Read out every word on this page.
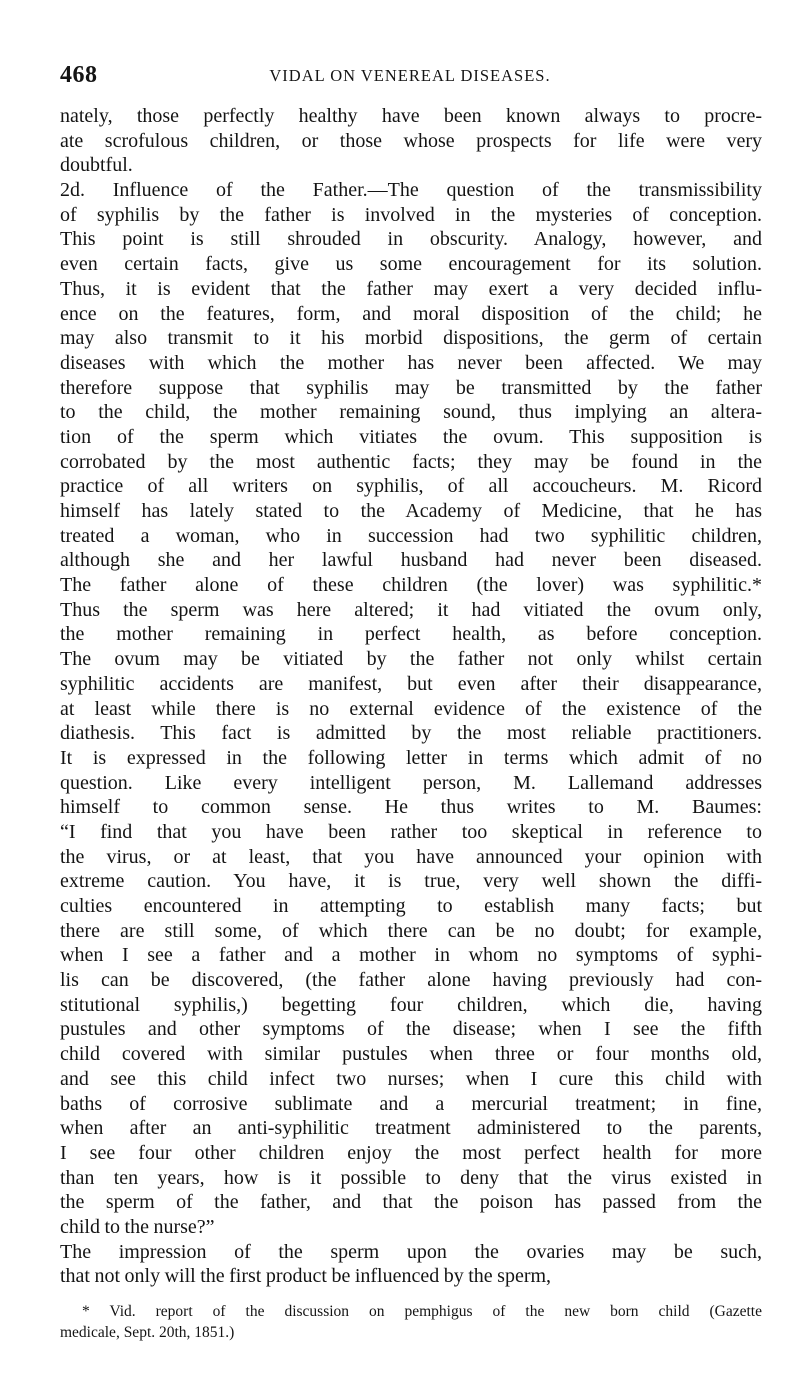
468	VIDAL ON VENEREAL DISEASES.
nately, those perfectly healthy have been known always to procre-
ate scrofulous children, or those whose prospects for life were very
doubtful.
2d. Influence of the Father.—The question of the transmissibility
of syphilis by the father is involved in the mysteries of conception.
This point is still shrouded in obscurity. Analogy, however, and
even certain facts, give us some encouragement for its solution.
Thus, it is evident that the father may exert a very decided influ-
ence on the features, form, and moral disposition of the child; he
may also transmit to it his morbid dispositions, the germ of certain
diseases with which the mother has never been affected. We may
therefore suppose that syphilis may be transmitted by the father
to the child, the mother remaining sound, thus implying an altera-
tion of the sperm which vitiates the ovum. This supposition is
corrobated by the most authentic facts; they may be found in the
practice of all writers on syphilis, of all accoucheurs. M. Ricord
himself has lately stated to the Academy of Medicine, that he has
treated a woman, who in succession had two syphilitic children,
although she and her lawful husband had never been diseased.
The father alone of these children (the lover) was syphilitic.*
Thus the sperm was here altered; it had vitiated the ovum only,
the mother remaining in perfect health, as before conception.
The ovum may be vitiated by the father not only whilst certain
syphilitic accidents are manifest, but even after their disappearance,
at least while there is no external evidence of the existence of the
diathesis. This fact is admitted by the most reliable practitioners.
It is expressed in the following letter in terms which admit of no
question. Like every intelligent person, M. Lallemand addresses
himself to common sense. He thus writes to M. Baumes:
“I find that you have been rather too skeptical in reference to
the virus, or at least, that you have announced your opinion with
extreme caution. You have, it is true, very well shown the diffi-
culties encountered in attempting to establish many facts; but
there are still some, of which there can be no doubt; for example,
when I see a father and a mother in whom no symptoms of syphi-
lis can be discovered, (the father alone having previously had con-
stitutional syphilis,) begetting four children, which die, having
pustules and other symptoms of the disease; when I see the fifth
child covered with similar pustules when three or four months old,
and see this child infect two nurses; when I cure this child with
baths of corrosive sublimate and a mercurial treatment; in fine,
when after an anti-syphilitic treatment administered to the parents,
I see four other children enjoy the most perfect health for more
than ten years, how is it possible to deny that the virus existed in
the sperm of the father, and that the poison has passed from the
child to the nurse?”
The impression of the sperm upon the ovaries may be such,
that not only will the first product be influenced by the sperm,
* Vid. report of the discussion on pemphigus of the new born child (Gazette
medicale, Sept. 20th, 1851.)
